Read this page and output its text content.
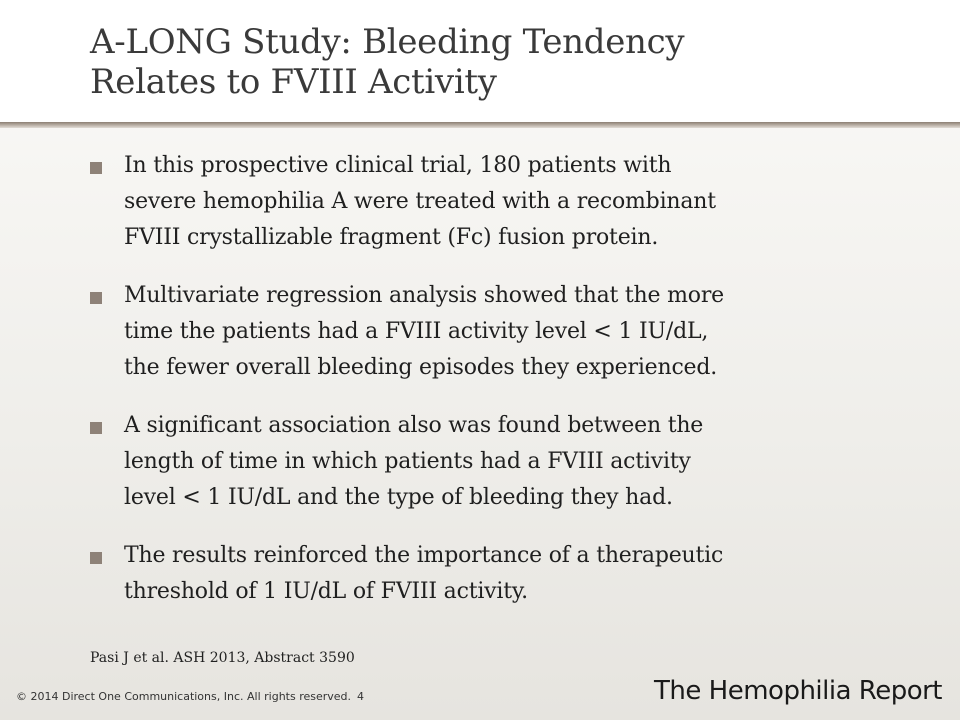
A-LONG Study: Bleeding Tendency
Relates to FVIII Activity
In this prospective clinical trial, 180 patients with
severe hemophilia A were treated with a recombinant
FVIII crystallizable fragment (Fc) fusion protein.
Multivariate regression analysis showed that the more
time the patients had a FVIII activity level < 1 IU/dL,
the fewer overall bleeding episodes they experienced.
A significant association also was found between the
length of time in which patients had a FVIII activity
level < 1 IU/dL and the type of bleeding they had.
The results reinforced the importance of a therapeutic
threshold of 1 IU/dL of FVIII activity.
Pasi J et al. ASH 2013, Abstract 3590
© 2014 Direct One Communications, Inc. All rights reserved. 4	The Hemophilia Report
